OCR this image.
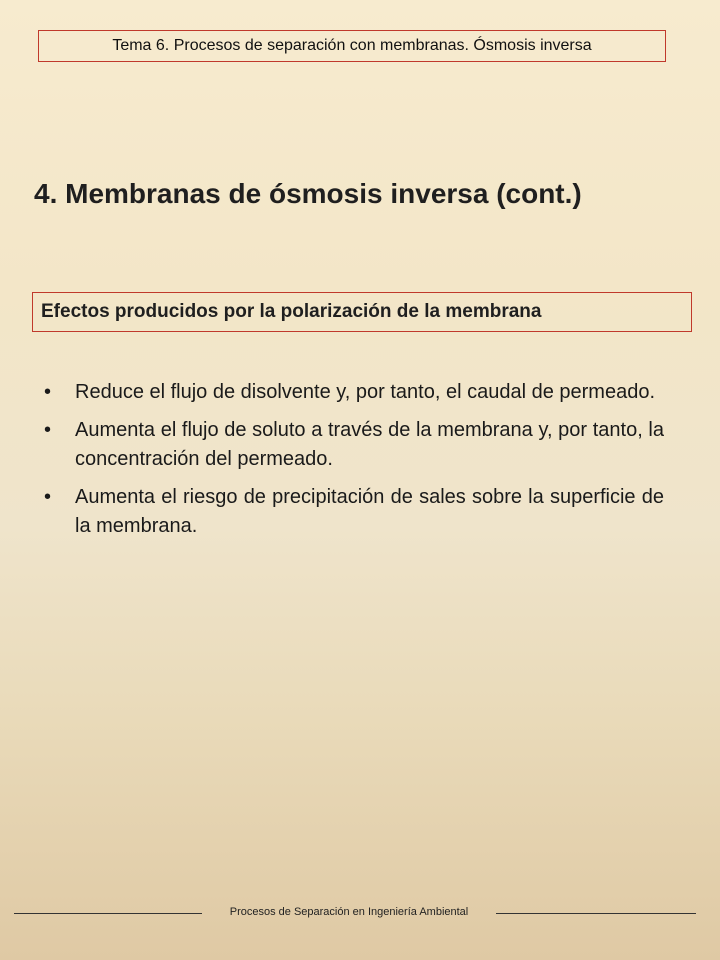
Tema 6. Procesos de separación con membranas. Ósmosis inversa
4. Membranas de ósmosis inversa (cont.)
Efectos producidos por la polarización de la membrana
• Reduce el flujo de disolvente y, por tanto, el caudal de permeado.
• Aumenta el flujo de soluto a través de la membrana y, por tanto, la concentración del permeado.
• Aumenta el riesgo de precipitación de sales sobre la superficie de la membrana.
Procesos de Separación en Ingeniería Ambiental
